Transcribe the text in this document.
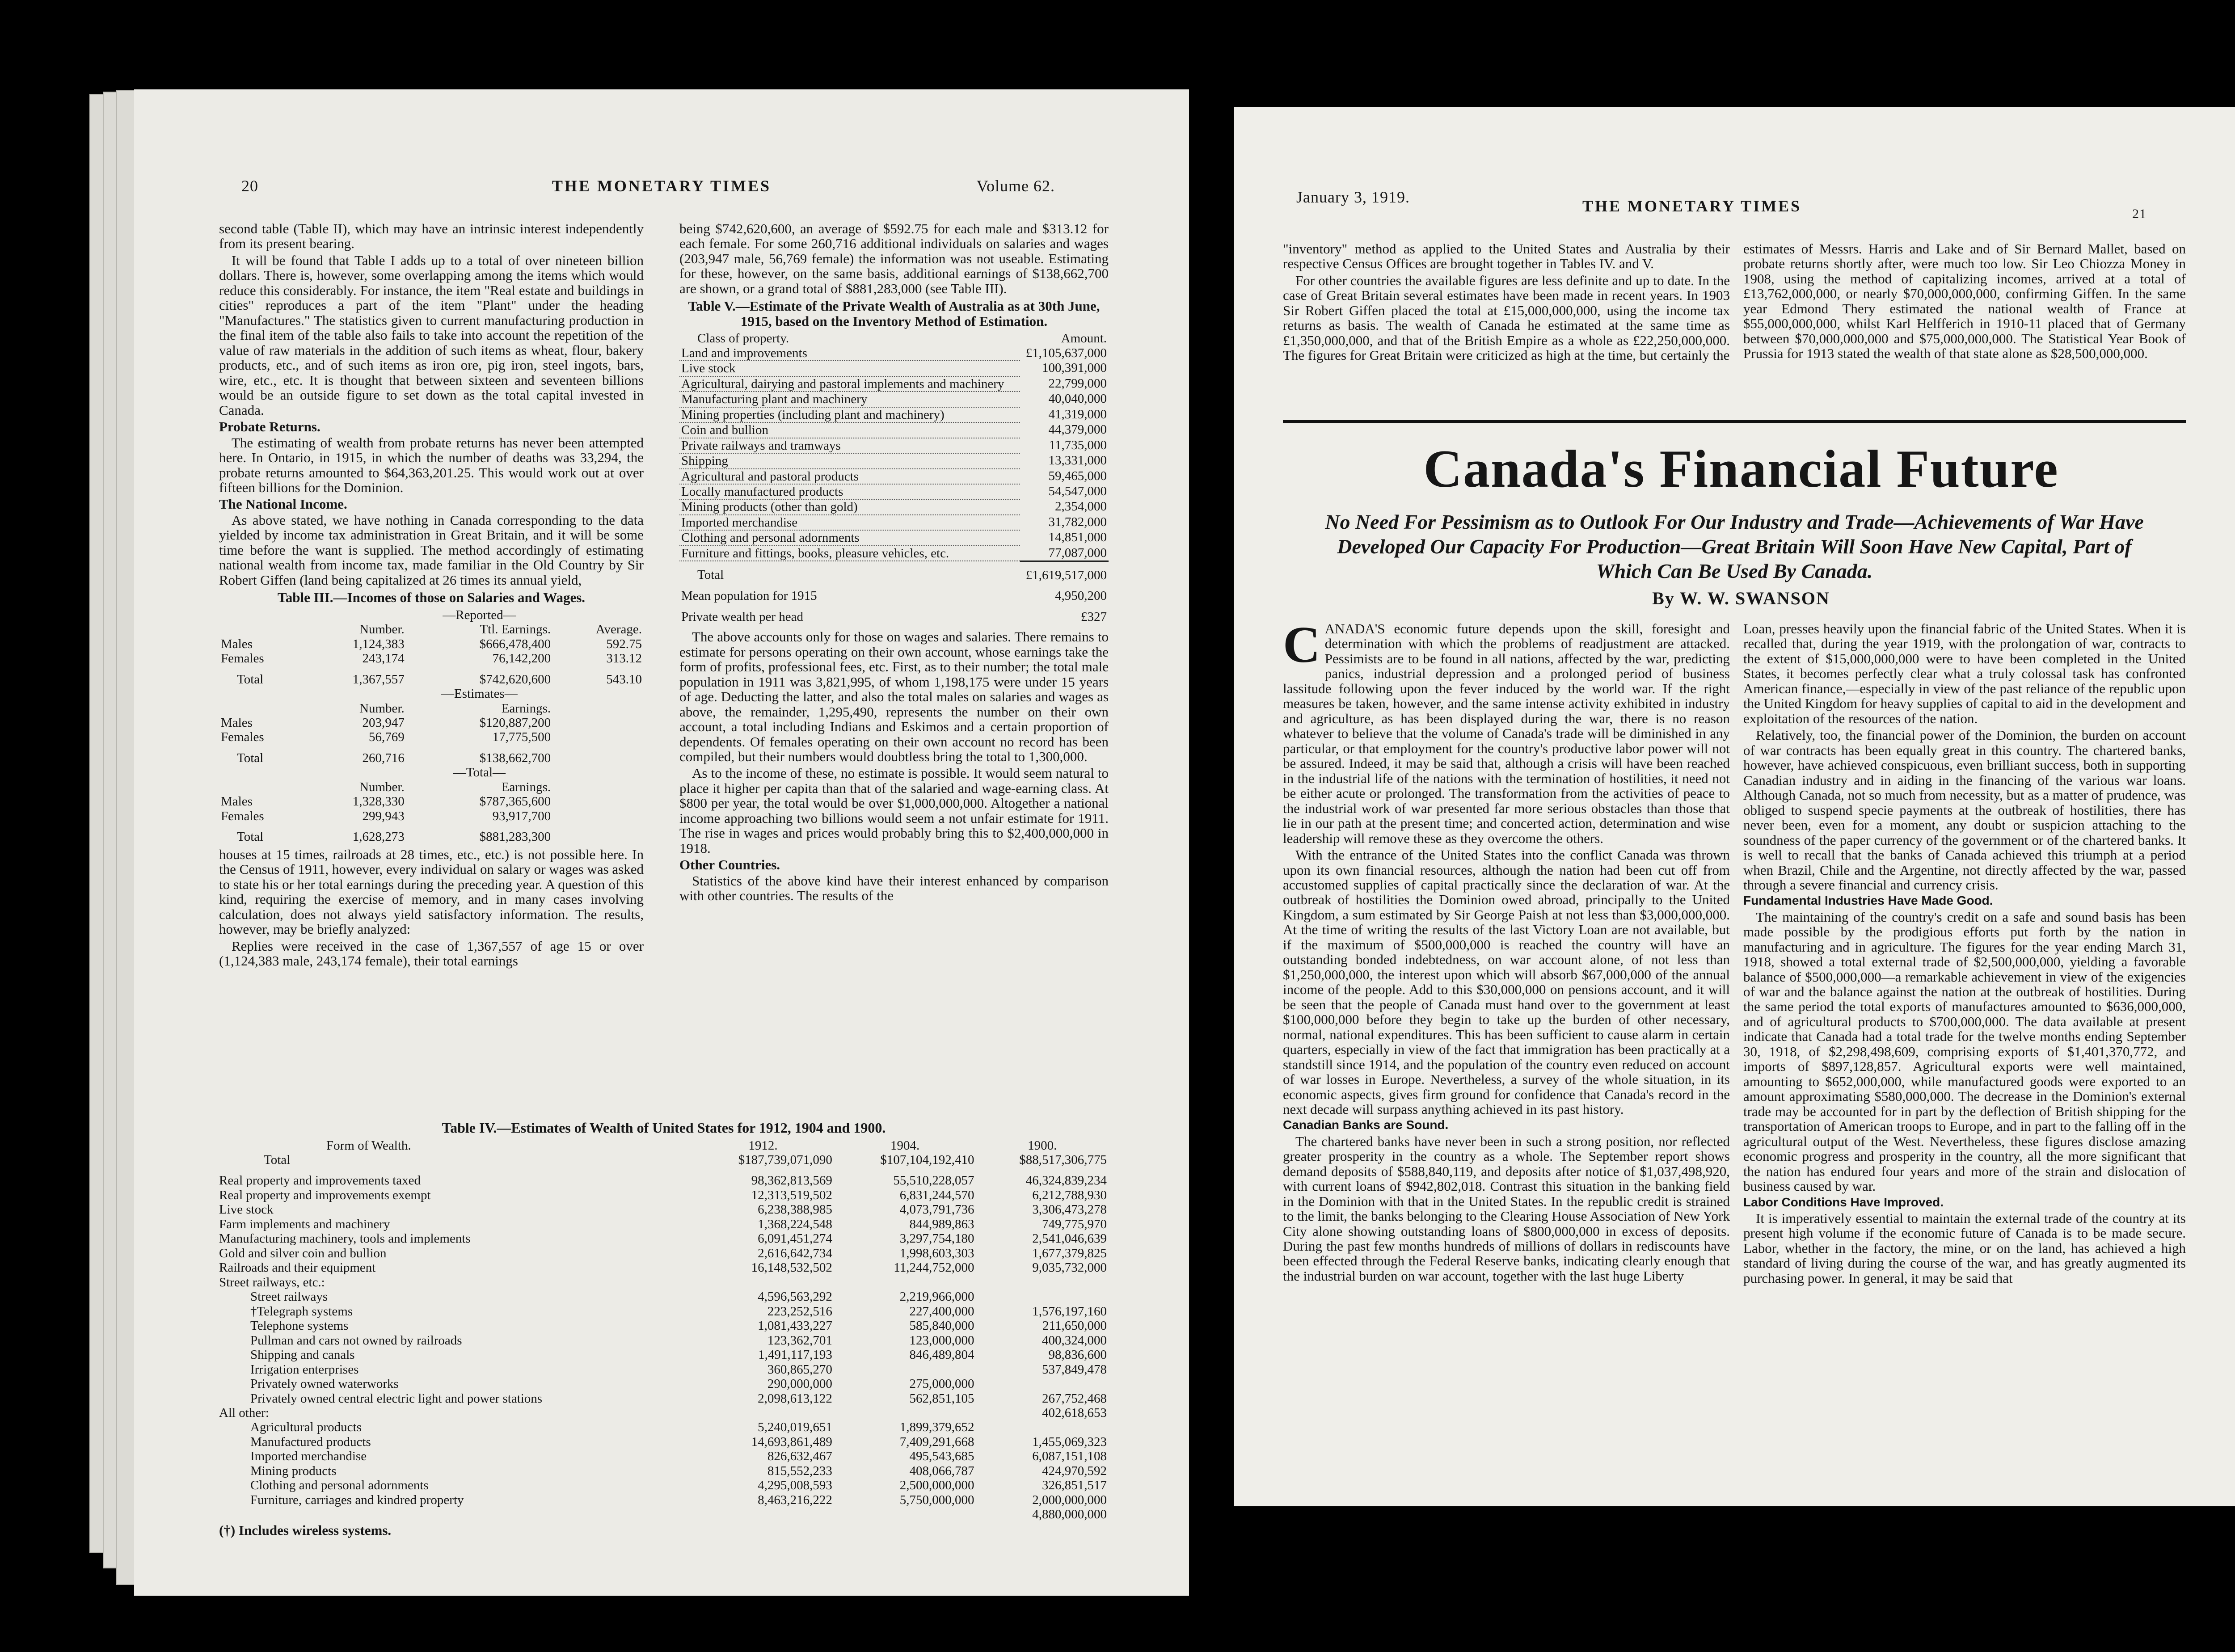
20	THE MONETARY TIMES	Volume 62.

second table (Table II), which may have an intrinsic interest independently from its present bearing.

It will be found that Table I adds up to a total of over nineteen billion dollars. There is, however, some overlapping among the items which would reduce this considerably. For instance, the item "Real estate and buildings in cities" reproduces a part of the item "Plant" under the heading "Manufactures." The statistics given to current manufacturing production in the final item of the table also fails to take into account the repetition of the value of raw materials in the addition of such items as wheat, flour, bakery products, etc., and of such items as iron ore, pig iron, steel ingots, bars, wire, etc., etc. It is thought that between sixteen and seventeen billions would be an outside figure to set down as the total capital invested in Canada.

Probate Returns.

The estimating of wealth from probate returns has never been attempted here. In Ontario, in 1915, in which the number of deaths was 33,294, the probate returns amounted to $64,363,201.25. This would work out at over fifteen billions for the Dominion.

The National Income.

As above stated, we have nothing in Canada corresponding to the data yielded by income tax administration in Great Britain, and it will be some time before the want is supplied. The method accordingly of estimating national wealth from income tax, made familiar in the Old Country by Sir Robert Giffen (land being capitalized at 26 times its annual yield,

Table III.—Incomes of those on Salaries and Wages.
		—Reported—	
	Number.	Ttl. Earnings.	Average.
Males	1,124,383	$666,478,400	592.75
Females	243,174	76,142,200	313.12
Total	1,367,557	$742,620,600	543.10
		—Estimates—	
	Number.	Earnings.	
Males	203,947	$120,887,200	
Females	56,769	17,775,500	
Total	260,716	$138,662,700	
		—Total—	
	Number.	Earnings.	
Males	1,328,330	$787,365,600	
Females	299,943	93,917,700	
Total	1,628,273	$881,283,300	

houses at 15 times, railroads at 28 times, etc., etc.) is not possible here. In the Census of 1911, however, every individual on salary or wages was asked to state his or her total earnings during the preceding year. A question of this kind, requiring the exercise of memory, and in many cases involving calculation, does not always yield satisfactory information. The results, however, may be briefly analyzed:

Replies were received in the case of 1,367,557 of age 15 or over (1,124,383 male, 243,174 female), their total earnings

being $742,620,600, an average of $592.75 for each male and $313.12 for each female. For some 260,716 additional individuals on salaries and wages (203,947 male, 56,769 female) the information was not useable. Estimating for these, however, on the same basis, additional earnings of $138,662,700 are shown, or a grand total of $881,283,000 (see Table III).

Table V.—Estimate of the Private Wealth of Australia as at 30th June, 1915, based on the Inventory Method of Estimation.
Class of property.	Amount.
Land and improvements	£1,105,637,000
Live stock	100,391,000
Agricultural, dairying and pastoral implements and machinery	22,799,000
Manufacturing plant and machinery	40,040,000
Mining properties (including plant and machinery)	41,319,000
Coin and bullion	44,379,000
Private railways and tramways	11,735,000
Shipping	13,331,000
Agricultural and pastoral products	59,465,000
Locally manufactured products	54,547,000
Mining products (other than gold)	2,354,000
Imported merchandise	31,782,000
Clothing and personal adornments	14,851,000
Furniture and fittings, books, pleasure vehicles, etc.	77,087,000
Total	£1,619,517,000
Mean population for 1915	4,950,200
Private wealth per head	£327

The above accounts only for those on wages and salaries. There remains to estimate for persons operating on their own account, whose earnings take the form of profits, professional fees, etc. First, as to their number; the total male population in 1911 was 3,821,995, of whom 1,198,175 were under 15 years of age. Deducting the latter, and also the total males on salaries and wages as above, the remainder, 1,295,490, represents the number on their own account, a total including Indians and Eskimos and a certain proportion of dependents. Of females operating on their own account no record has been compiled, but their numbers would doubtless bring the total to 1,300,000.

As to the income of these, no estimate is possible. It would seem natural to place it higher per capita than that of the salaried and wage-earning class. At $800 per year, the total would be over $1,000,000,000. Altogether a national income approaching two billions would seem a not unfair estimate for 1911. The rise in wages and prices would probably bring this to $2,400,000,000 in 1918.

Other Countries.

Statistics of the above kind have their interest enhanced by comparison with other countries. The results of the

Table IV.—Estimates of Wealth of United States for 1912, 1904 and 1900.
Form of Wealth.	1912.	1904.	1900.
Total	$187,739,071,090	$107,104,192,410	$88,517,306,775

Real property and improvements taxed	98,362,813,569	55,510,228,057	46,324,839,234
Real property and improvements exempt	12,313,519,502	6,831,244,570	6,212,788,930
Live stock	6,238,388,985	4,073,791,736	3,306,473,278
Farm implements and machinery	1,368,224,548	844,989,863	749,775,970
Manufacturing machinery, tools and implements	6,091,451,274	3,297,754,180	2,541,046,639
Gold and silver coin and bullion	2,616,642,734	1,998,603,303	1,677,379,825
Railroads and their equipment	16,148,532,502	11,244,752,000	9,035,732,000
Street railways, etc.:			
Street railways	4,596,563,292	2,219,966,000	
†Telegraph systems	223,252,516	227,400,000	1,576,197,160
Telephone systems	1,081,433,227	585,840,000	211,650,000
Pullman and cars not owned by railroads	123,362,701	123,000,000	400,324,000
Shipping and canals	1,491,117,193	846,489,804	98,836,600
Irrigation enterprises	360,865,270		537,849,478
Privately owned waterworks	290,000,000	275,000,000	
Privately owned central electric light and power stations	2,098,613,122	562,851,105	267,752,468
All other:			402,618,653
Agricultural products	5,240,019,651	1,899,379,652	
Manufactured products	14,693,861,489	7,409,291,668	1,455,069,323
Imported merchandise	826,632,467	495,543,685	6,087,151,108
Mining products	815,552,233	408,066,787	424,970,592
Clothing and personal adornments	4,295,008,593	2,500,000,000	326,851,517
Furniture, carriages and kindred property	8,463,216,222	5,750,000,000	2,000,000,000
			4,880,000,000
(†) Includes wireless systems.
January 3, 1919.	THE MONETARY TIMES	21

"inventory" method as applied to the United States and Australia by their respective Census Offices are brought together in Tables IV. and V.

For other countries the available figures are less definite and up to date. In the case of Great Britain several estimates have been made in recent years. In 1903 Sir Robert Giffen placed the total at £15,000,000,000, using the income tax returns as basis. The wealth of Canada he estimated at the same time as £1,350,000,000, and that of the British Empire as a whole as £22,250,000,000. The figures for Great Britain were criticized as high at the time, but certainly the

estimates of Messrs. Harris and Lake and of Sir Bernard Mallet, based on probate returns shortly after, were much too low. Sir Leo Chiozza Money in 1908, using the method of capitalizing incomes, arrived at a total of £13,762,000,000, or nearly $70,000,000,000, confirming Giffen. In the same year Edmond Thery estimated the national wealth of France at $55,000,000,000, whilst Karl Helfferich in 1910-11 placed that of Germany between $70,000,000,000 and $75,000,000,000. The Statistical Year Book of Prussia for 1913 stated the wealth of that state alone as $28,500,000,000.

Canada's Financial Future
No Need For Pessimism as to Outlook For Our Industry and Trade—Achievements of War Have Developed Our Capacity For Production—Great Britain Will Soon Have New Capital, Part of Which Can Be Used By Canada.
By W. W. SWANSON

CANADA'S economic future depends upon the skill, foresight and determination with which the problems of readjustment are attacked. Pessimists are to be found in all nations, affected by the war, predicting panics, industrial depression and a prolonged period of business lassitude following upon the fever induced by the world war. If the right measures be taken, however, and the same intense activity exhibited in industry and agriculture, as has been displayed during the war, there is no reason whatever to believe that the volume of Canada's trade will be diminished in any particular, or that employment for the country's productive labor power will not be assured. Indeed, it may be said that, although a crisis will have been reached in the industrial life of the nations with the termination of hostilities, it need not be either acute or prolonged. The transformation from the activities of peace to the industrial work of war presented far more serious obstacles than those that lie in our path at the present time; and concerted action, determination and wise leadership will remove these as they overcome the others.

With the entrance of the United States into the conflict Canada was thrown upon its own financial resources, although the nation had been cut off from accustomed supplies of capital practically since the declaration of war. At the outbreak of hostilities the Dominion owed abroad, principally to the United Kingdom, a sum estimated by Sir George Paish at not less than $3,000,000,000. At the time of writing the results of the last Victory Loan are not available, but if the maximum of $500,000,000 is reached the country will have an outstanding bonded indebtedness, on war account alone, of not less than $1,250,000,000, the interest upon which will absorb $67,000,000 of the annual income of the people. Add to this $30,000,000 on pensions account, and it will be seen that the people of Canada must hand over to the government at least $100,000,000 before they begin to take up the burden of other necessary, normal, national expenditures. This has been sufficient to cause alarm in certain quarters, especially in view of the fact that immigration has been practically at a standstill since 1914, and the population of the country even reduced on account of war losses in Europe. Nevertheless, a survey of the whole situation, in its economic aspects, gives firm ground for confidence that Canada's record in the next decade will surpass anything achieved in its past history.

Canadian Banks are Sound.

The chartered banks have never been in such a strong position, nor reflected greater prosperity in the country as a whole. The September report shows demand deposits of $588,840,119, and deposits after notice of $1,037,498,920, with current loans of $942,802,018. Contrast this situation in the banking field in the Dominion with that in the United States. In the republic credit is strained to the limit, the banks belonging to the Clearing House Association of New York City alone showing outstanding loans of $800,000,000 in excess of deposits. During the past few months hundreds of millions of dollars in rediscounts have been effected through the Federal Reserve banks, indicating clearly enough that the industrial burden on war account, together with the last huge Liberty

Loan, presses heavily upon the financial fabric of the United States. When it is recalled that, during the year 1919, with the prolongation of war, contracts to the extent of $15,000,000,000 were to have been completed in the United States, it becomes perfectly clear what a truly colossal task has confronted American finance,—especially in view of the past reliance of the republic upon the United Kingdom for heavy supplies of capital to aid in the development and exploitation of the resources of the nation.

Relatively, too, the financial power of the Dominion, the burden on account of war contracts has been equally great in this country. The chartered banks, however, have achieved conspicuous, even brilliant success, both in supporting Canadian industry and in aiding in the financing of the various war loans. Although Canada, not so much from necessity, but as a matter of prudence, was obliged to suspend specie payments at the outbreak of hostilities, there has never been, even for a moment, any doubt or suspicion attaching to the soundness of the paper currency of the government or of the chartered banks. It is well to recall that the banks of Canada achieved this triumph at a period when Brazil, Chile and the Argentine, not directly affected by the war, passed through a severe financial and currency crisis.

Fundamental Industries Have Made Good.

The maintaining of the country's credit on a safe and sound basis has been made possible by the prodigious efforts put forth by the nation in manufacturing and in agriculture. The figures for the year ending March 31, 1918, showed a total external trade of $2,500,000,000, yielding a favorable balance of $500,000,000—a remarkable achievement in view of the exigencies of war and the balance against the nation at the outbreak of hostilities. During the same period the total exports of manufactures amounted to $636,000,000, and of agricultural products to $700,000,000. The data available at present indicate that Canada had a total trade for the twelve months ending September 30, 1918, of $2,298,498,609, comprising exports of $1,401,370,772, and imports of $897,128,857. Agricultural exports were well maintained, amounting to $652,000,000, while manufactured goods were exported to an amount approximating $580,000,000. The decrease in the Dominion's external trade may be accounted for in part by the deflection of British shipping for the transportation of American troops to Europe, and in part to the falling off in the agricultural output of the West. Nevertheless, these figures disclose amazing economic progress and prosperity in the country, all the more significant that the nation has endured four years and more of the strain and dislocation of business caused by war.

Labor Conditions Have Improved.

It is imperatively essential to maintain the external trade of the country at its present high volume if the economic future of Canada is to be made secure. Labor, whether in the factory, the mine, or on the land, has achieved a high standard of living during the course of the war, and has greatly augmented its purchasing power. In general, it may be said that
